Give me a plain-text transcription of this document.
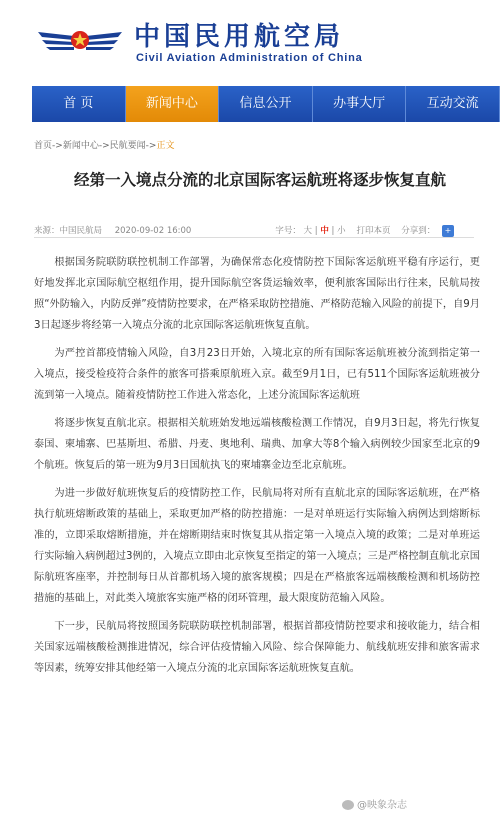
中国民用航空局
Civil Aviation Administration of China
首 页	新闻中心	信息公开	办事大厅	互动交流
首页->新闻中心->民航要闻->正文
经第一入境点分流的北京国际客运航班将逐步恢复直航
来源：中国民航局 2020-09-02 16:00	字号： 大 | 中 | 小 打印本页 分享到： +

根据国务院联防联控机制工作部署，为确保常态化疫情防控下国际客运航班平稳有序运行，更好地发挥北京国际航空枢纽作用，提升国际航空客货运输效率，便利旅客国际出行往来，民航局按照“外防输入，内防反弹”疫情防控要求，在严格采取防控措施、严格防范输入风险的前提下，自9月3日起逐步将经第一入境点分流的北京国际客运航班恢复直航。

为严控首都疫情输入风险，自3月23日开始，入境北京的所有国际客运航班被分流到指定第一入境点，接受检疫符合条件的旅客可搭乘原航班入京。截至9月1日，已有511个国际客运航班被分流到第一入境点。随着疫情防控工作进入常态化，上述分流国际客运航班

将逐步恢复直航北京。根据相关航班始发地远端核酸检测工作情况，自9月3日起，将先行恢复泰国、柬埔寨、巴基斯坦、希腊、丹麦、奥地利、瑞典、加拿大等8个输入病例较少国家至北京的9个航班。恢复后的第一班为9月3日国航执飞的柬埔寨金边至北京航班。

为进一步做好航班恢复后的疫情防控工作，民航局将对所有直航北京的国际客运航班，在严格执行航班熔断政策的基础上，采取更加严格的防控措施：一是对单班运行实际输入病例达到熔断标准的，立即采取熔断措施，并在熔断期结束时恢复其从指定第一入境点入境的政策；二是对单班运行实际输入病例超过3例的，入境点立即由北京恢复至指定的第一入境点；三是严格控制直航北京国际航班客座率，并控制每日从首都机场入境的旅客规模；四是在严格旅客远端核酸检测和机场防控措施的基础上，对此类入境旅客实施严格的闭环管理，最大限度防范输入风险。

下一步，民航局将按照国务院联防联控机制部署，根据首都疫情防控要求和接收能力，结合相关国家远端核酸检测推进情况，综合评估疫情输入风险、综合保障能力、航线航班安排和旅客需求等因素，统筹安排其他经第一入境点分流的北京国际客运航班恢复直航。

@映象杂志
